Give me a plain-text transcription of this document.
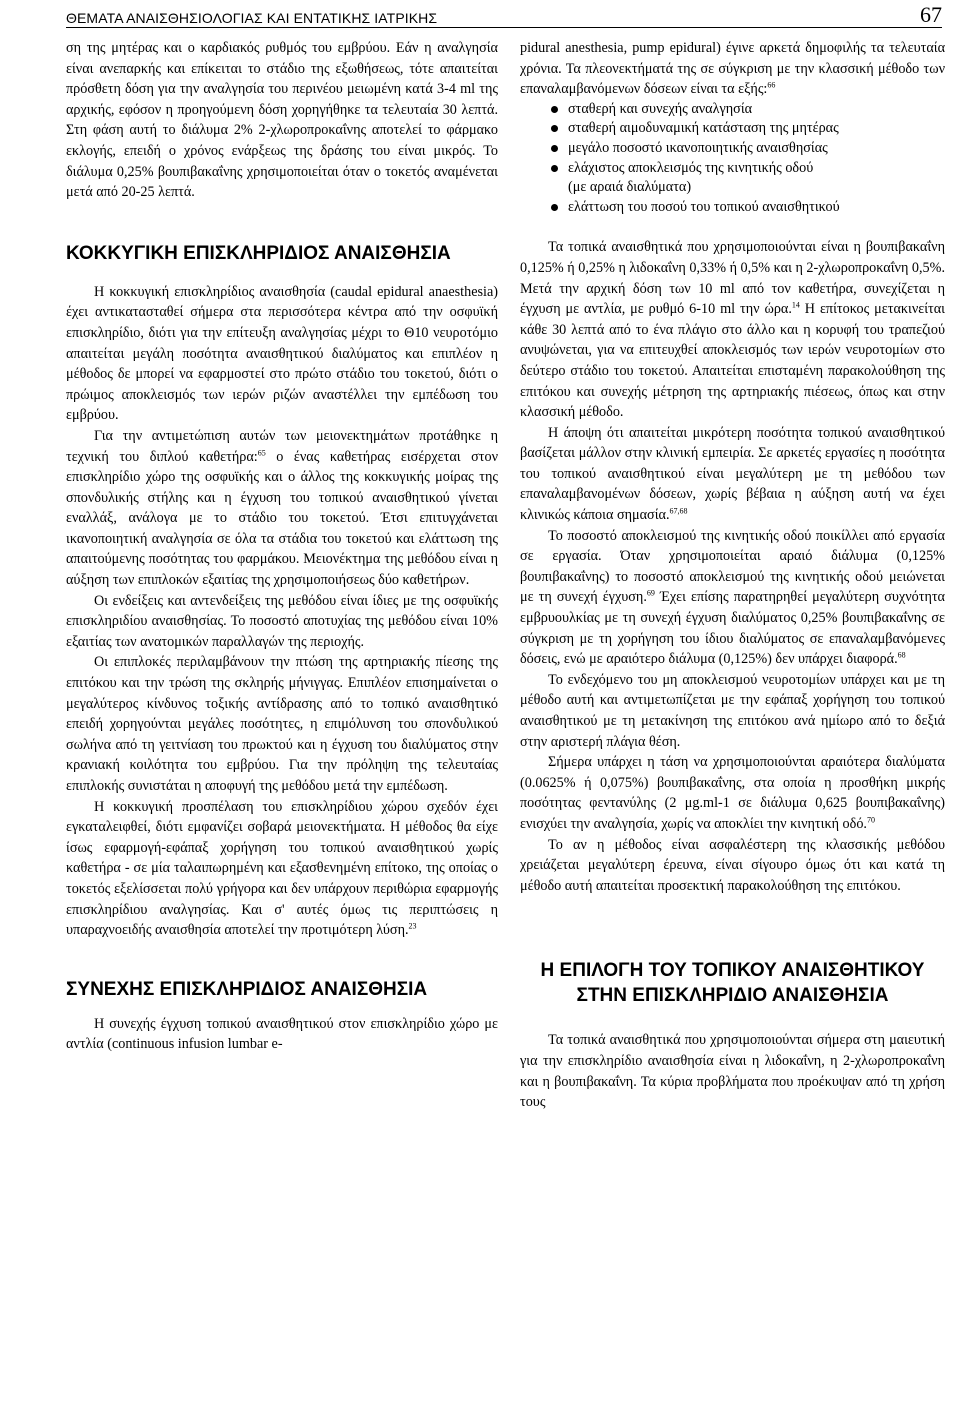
ΘΕΜΑΤΑ ΑΝΑΙΣΘΗΣΙΟΛΟΓΙΑΣ ΚΑΙ ΕΝΤΑΤΙΚΗΣ ΙΑΤΡΙΚΗΣ	67

ση της μητέρας και ο καρδιακός ρυθμός του εμβρύου. Εάν η αναλγησία είναι ανεπαρκής και επίκειται το στάδιο της εξωθήσεως, τότε απαιτείται πρόσθετη δόση για την αναλγησία του περινέου μειωμένη κατά 3-4 ml της αρχικής, εφόσον η προηγούμενη δόση χορηγήθηκε τα τελευταία 30 λεπτά. Στη φάση αυτή το διάλυμα 2% 2-χλωροπροκαΐνης αποτελεί το φάρμακο εκλογής, επειδή ο χρόνος ενάρξεως της δράσης του είναι μικρός. Το διάλυμα 0,25% βουπιβακαΐνης χρησιμοποιείται όταν ο τοκετός αναμένεται μετά από 20-25 λεπτά.

ΚΟΚΚΥΓΙΚΗ ΕΠΙΣΚΛΗΡΙΔΙΟΣ ΑΝΑΙΣΘΗΣΙΑ

Η κοκκυγική επισκληρίδιος αναισθησία (caudal epidural anaesthesia) έχει αντικατασταθεί σήμερα στα περισσότερα κέντρα από την οσφυϊκή επισκληρίδιο, διότι για την επίτευξη αναλγησίας μέχρι το Θ10 νευροτόμιο απαιτείται μεγάλη ποσότητα αναισθητικού διαλύματος και επιπλέον η μέθοδος δε μπορεί να εφαρμοστεί στο πρώτο στάδιο του τοκετού, διότι ο πρώιμος αποκλεισμός των ιερών ριζών αναστέλλει την εμπέδωση του εμβρύου.

Για την αντιμετώπιση αυτών των μειονεκτημάτων προτάθηκε η τεχνική του διπλού καθετήρα:$^{65}$ ο ένας καθετήρας εισέρχεται στον επισκληρίδιο χώρο της οσφυϊκής και ο άλλος της κοκκυγικής μοίρας της σπονδυλικής στήλης και η έγχυση του τοπικού αναισθητικού γίνεται εναλλάξ, ανάλογα με το στάδιο του τοκετού. Έτσι επιτυγχάνεται ικανοποιητική αναλγησία σε όλα τα στάδια του τοκετού και ελάττωση της απαιτούμενης ποσότητας του φαρμάκου. Μειονέκτημα της μεθόδου είναι η αύξηση των επιπλοκών εξαιτίας της χρησιμοποιήσεως δύο καθετήρων.

Οι ενδείξεις και αντενδείξεις της μεθόδου είναι ίδιες με της οσφυϊκής επισκληριδίου αναισθησίας. Το ποσοστό αποτυχίας της μεθόδου είναι 10% εξαιτίας των ανατομικών παραλλαγών της περιοχής.

Οι επιπλοκές περιλαμβάνουν την πτώση της αρτηριακής πίεσης της επιτόκου και την τρώση της σκληρής μήνιγγας. Επιπλέον επισημαίνεται ο μεγαλύτερος κίνδυνος τοξικής αντίδρασης από το τοπικό αναισθητικό επειδή χορηγούνται μεγάλες ποσότητες, η επιμόλυνση του σπονδυλικού σωλήνα από τη γειτνίαση του πρωκτού και η έγχυση του διαλύματος στην κρανιακή κοιλότητα του εμβρύου. Για την πρόληψη της τελευταίας επιπλοκής συνιστάται η αποφυγή της μεθόδου μετά την εμπέδωση.

Η κοκκυγική προσπέλαση του επισκληρίδιου χώρου σχεδόν έχει εγκαταλειφθεί, διότι εμφανίζει σοβαρά μειονεκτήματα. Η μέθοδος θα είχε ίσως εφαρμογή-εφάπαξ χορήγηση του τοπικού αναισθητικού χωρίς καθετήρα - σε μία ταλαιπωρημένη και εξασθενημένη επίτοκο, της οποίας ο τοκετός εξελίσσεται πολύ γρήγορα και δεν υπάρχουν περιθώρια εφαρμογής επισκληρίδιου αναλγησίας. Και σ' αυτές όμως τις περιπτώσεις η υπαραχνοειδής αναισθησία αποτελεί την προτιμότερη λύση.$^{23}$

ΣΥΝΕΧΗΣ ΕΠΙΣΚΛΗΡΙΔΙΟΣ ΑΝΑΙΣΘΗΣΙΑ

Η συνεχής έγχυση τοπικού αναισθητικού στον επισκληρίδιο χώρο με αντλία (continuous infusion lumbar e-

pidural anesthesia, pump epidural) έγινε αρκετά δημοφιλής τα τελευταία χρόνια. Τα πλεονεκτήματά της σε σύγκριση με την κλασσική μέθοδο των επαναλαμβανόμενων δόσεων είναι τα εξής:$^{66}$

σταθερή και συνεχής αναλγησία
σταθερή αιμοδυναμική κατάσταση της μητέρας
μεγάλο ποσοστό ικανοποιητικής αναισθησίας
ελάχιστος αποκλεισμός της κινητικής οδού
(με αραιά διαλύματα)
ελάττωση του ποσού του τοπικού αναισθητικού

Τα τοπικά αναισθητικά που χρησιμοποιούνται είναι η βουπιβακαΐνη 0,125% ή 0,25% η λιδοκαΐνη 0,33% ή 0,5% και η 2-χλωροπροκαΐνη 0,5%. Μετά την αρχική δόση των 10 ml από τον καθετήρα, συνεχίζεται η έγχυση με αντλία, με ρυθμό 6-10 ml την ώρα.$^{14}$ Η επίτοκος μετακινείται κάθε 30 λεπτά από το ένα πλάγιο στο άλλο και η κορυφή του τραπεζιού ανυψώνεται, για να επιτευχθεί αποκλεισμός των ιερών νευροτομίων στο δεύτερο στάδιο του τοκετού. Απαιτείται επισταμένη παρακολούθηση της επιτόκου και συνεχής μέτρηση της αρτηριακής πιέσεως, όπως και στην κλασσική μέθοδο.

Η άποψη ότι απαιτείται μικρότερη ποσότητα τοπικού αναισθητικού βασίζεται μάλλον στην κλινική εμπειρία. Σε αρκετές εργασίες η ποσότητα του τοπικού αναισθητικού είναι μεγαλύτερη με τη μεθόδου των επαναλαμβανομένων δόσεων, χωρίς βέβαια η αύξηση αυτή να έχει κλινικώς κάποια σημασία.$^{67,68}$

Το ποσοστό αποκλεισμού της κινητικής οδού ποικίλλει από εργασία σε εργασία. Όταν χρησιμοποιείται αραιό διάλυμα (0,125% βουπιβακαΐνης) το ποσοστό αποκλεισμού της κινητικής οδού μειώνεται με τη συνεχή έγχυση.$^{69}$ Έχει επίσης παρατηρηθεί μεγαλύτερη συχνότητα εμβρυουλκίας με τη συνεχή έγχυση διαλύματος 0,25% βουπιβακαΐνης σε σύγκριση με τη χορήγηση του ίδιου διαλύματος σε επαναλαμβανόμενες δόσεις, ενώ με αραιότερο διάλυμα (0,125%) δεν υπάρχει διαφορά.$^{68}$

Το ενδεχόμενο του μη αποκλεισμού νευροτομίων υπάρχει και με τη μέθοδο αυτή και αντιμετωπίζεται με την εφάπαξ χορήγηση του τοπικού αναισθητικού με τη μετακίνηση της επιτόκου ανά ημίωρο από το δεξιά στην αριστερή πλάγια θέση.

Σήμερα υπάρχει η τάση να χρησιμοποιούνται αραιότερα διαλύματα (0.0625% ή 0,075%) βουπιβακαΐνης, στα οποία η προσθήκη μικρής ποσότητας φεντανύλης (2 μg.ml-1 σε διάλυμα 0,625 βουπιβακαΐνης) ενισχύει την αναλγησία, χωρίς να αποκλίει την κινητική οδό.$^{70}$

Το αν η μέθοδος είναι ασφαλέστερη της κλασσικής μεθόδου χρειάζεται μεγαλύτερη έρευνα, είναι σίγουρο όμως ότι και κατά τη μέθοδο αυτή απαιτείται προσεκτική παρακολούθηση της επιτόκου.

Η ΕΠΙΛΟΓΗ ΤΟΥ ΤΟΠΙΚΟΥ ΑΝΑΙΣΘΗΤΙΚΟΥ ΣΤΗΝ ΕΠΙΣΚΛΗΡΙΔΙΟ ΑΝΑΙΣΘΗΣΙΑ

Τα τοπικά αναισθητικά που χρησιμοποιούνται σήμερα στη μαιευτική για την επισκληρίδιο αναισθησία είναι η λιδοκαΐνη, η 2-χλωροπροκαΐνη και η βουπιβακαΐνη. Τα κύρια προβλήματα που προέκυψαν από τη χρήση τους
